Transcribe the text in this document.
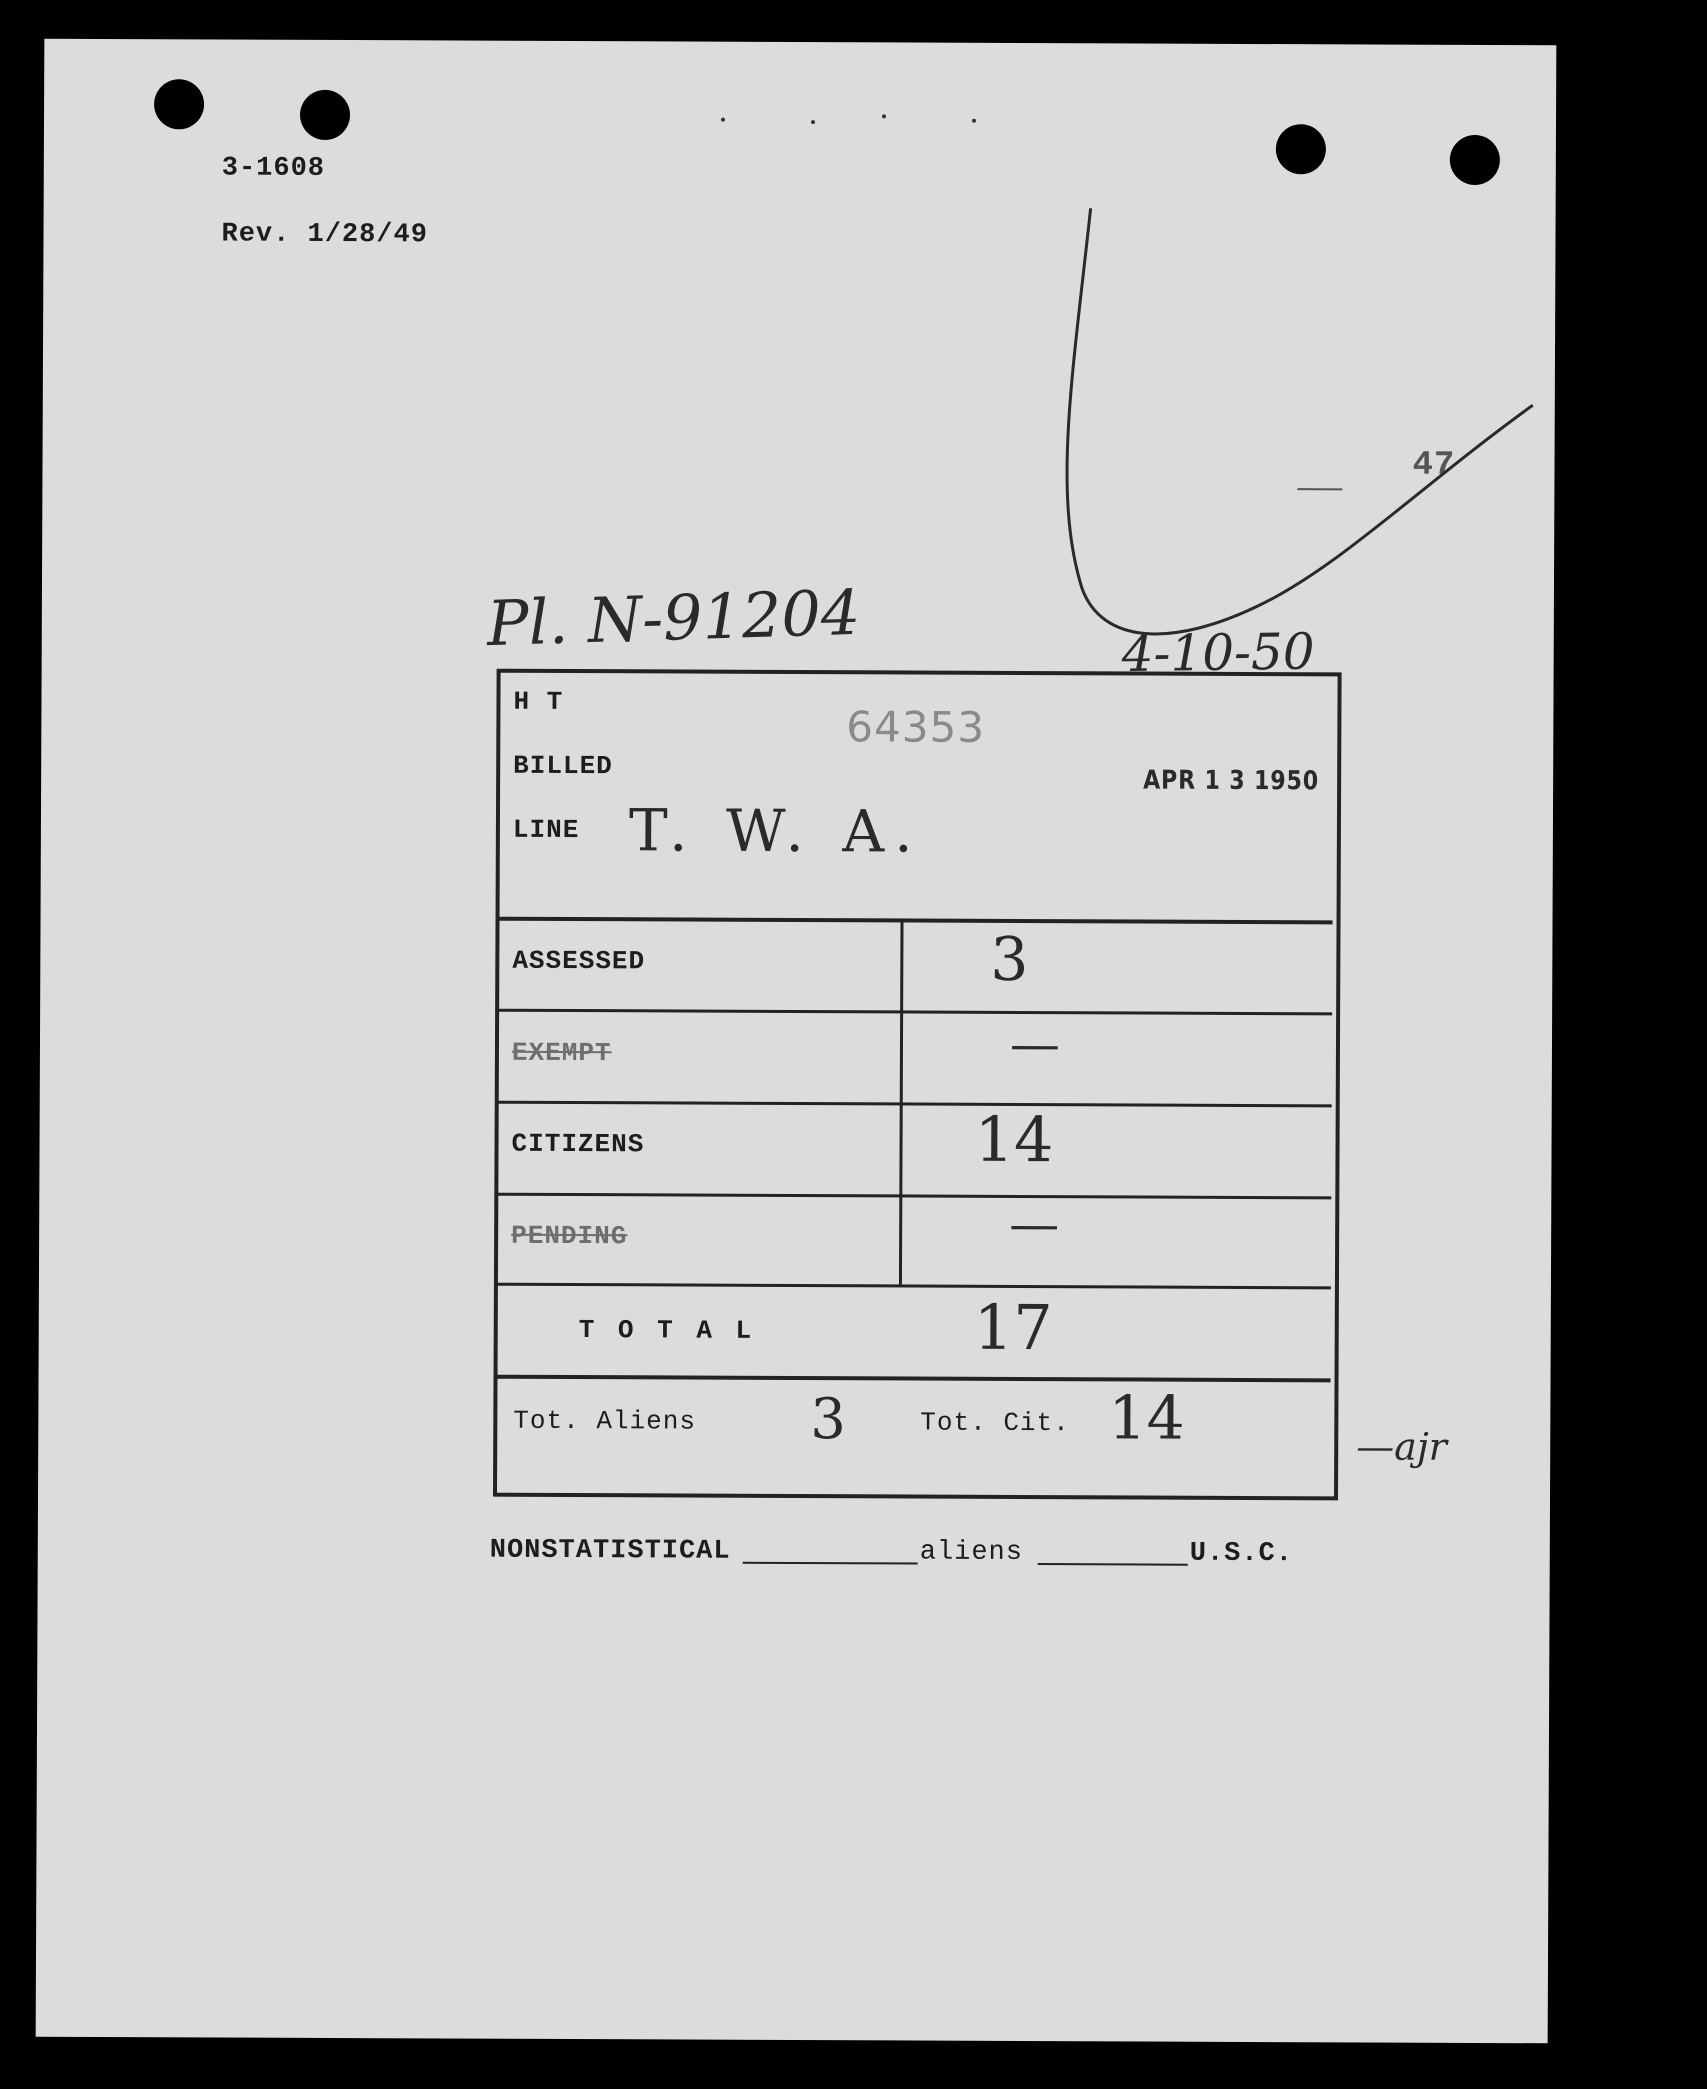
3-1608
Rev. 1/28/49
47
Pl. N-91204	4-10-50
H T
BILLED
LINE T. W. A.
64353
APR 1 3 1950
ASSESSED	3
EXEMPT	—
CITIZENS	14
PENDING	—
T O T A L	17
Tot. Aliens 3	Tot. Cit. 14	—ajr
NONSTATISTICAL	aliens	U.S.C.
